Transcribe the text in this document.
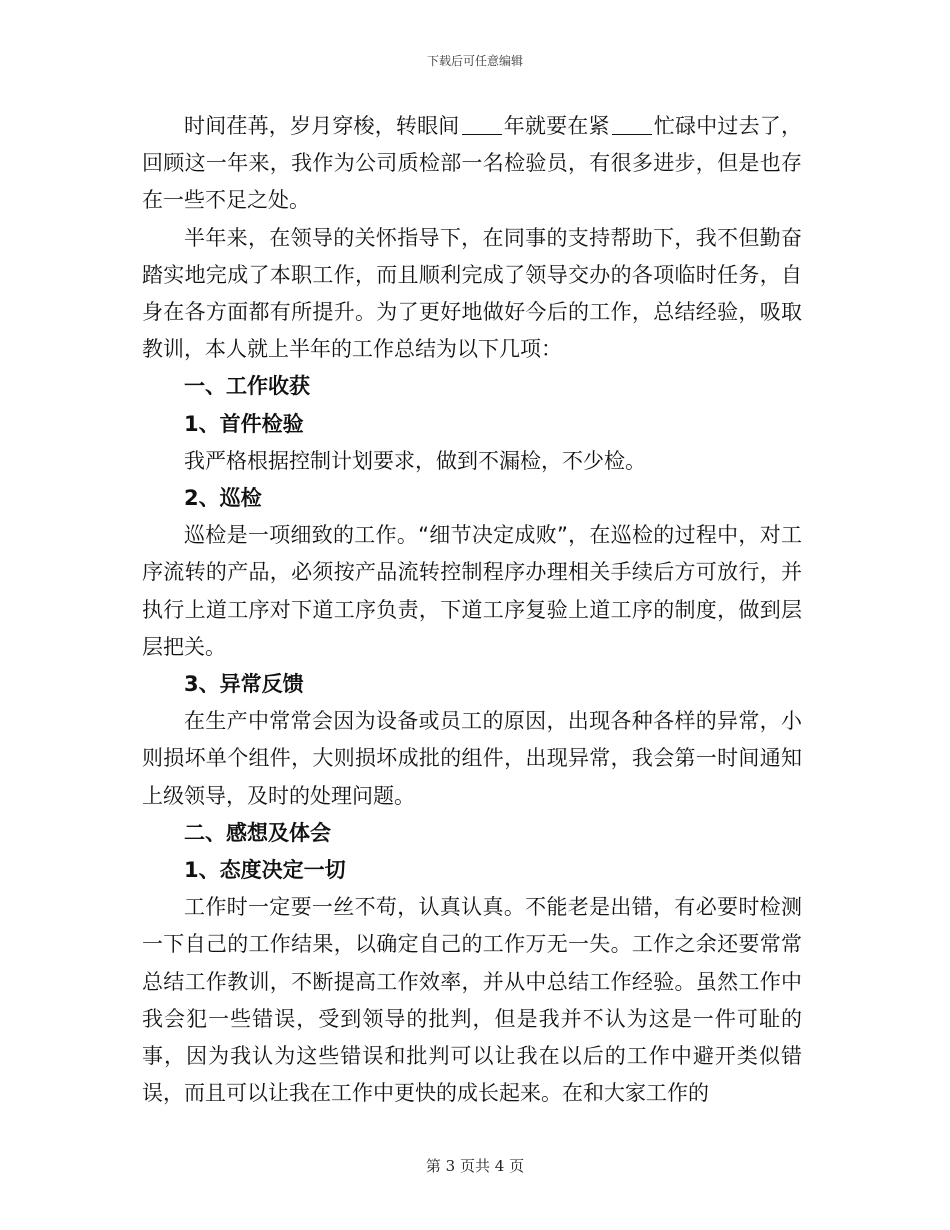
下载后可任意编辑

时间荏苒，岁月穿梭，转眼间 年就要在紧 忙碌中过去了，回顾这一年来，我作为公司质检部一名检验员，有很多进步，但是也存在一些不足之处。

半年来，在领导的关怀指导下，在同事的支持帮助下，我不但勤奋踏实地完成了本职工作，而且顺利完成了领导交办的各项临时任务，自身在各方面都有所提升。为了更好地做好今后的工作，总结经验，吸取教训，本人就上半年的工作总结为以下几项：

一、工作收获

1、首件检验

我严格根据控制计划要求，做到不漏检，不少检。

2、巡检

巡检是一项细致的工作。“细节决定成败”，在巡检的过程中，对工序流转的产品，必须按产品流转控制程序办理相关手续后方可放行，并执行上道工序对下道工序负责，下道工序复验上道工序的制度，做到层层把关。

3、异常反馈

在生产中常常会因为设备或员工的原因，出现各种各样的异常，小则损坏单个组件，大则损坏成批的组件，出现异常，我会第一时间通知上级领导，及时的处理问题。

二、感想及体会

1、态度决定一切

工作时一定要一丝不苟，认真认真。不能老是出错，有必要时检测一下自己的工作结果，以确定自己的工作万无一失。工作之余还要常常总结工作教训，不断提高工作效率，并从中总结工作经验。虽然工作中我会犯一些错误，受到领导的批判，但是我并不认为这是一件可耻的事，因为我认为这些错误和批判可以让我在以后的工作中避开类似错误，而且可以让我在工作中更快的成长起来。在和大家工作的

第 3 页共 4 页
